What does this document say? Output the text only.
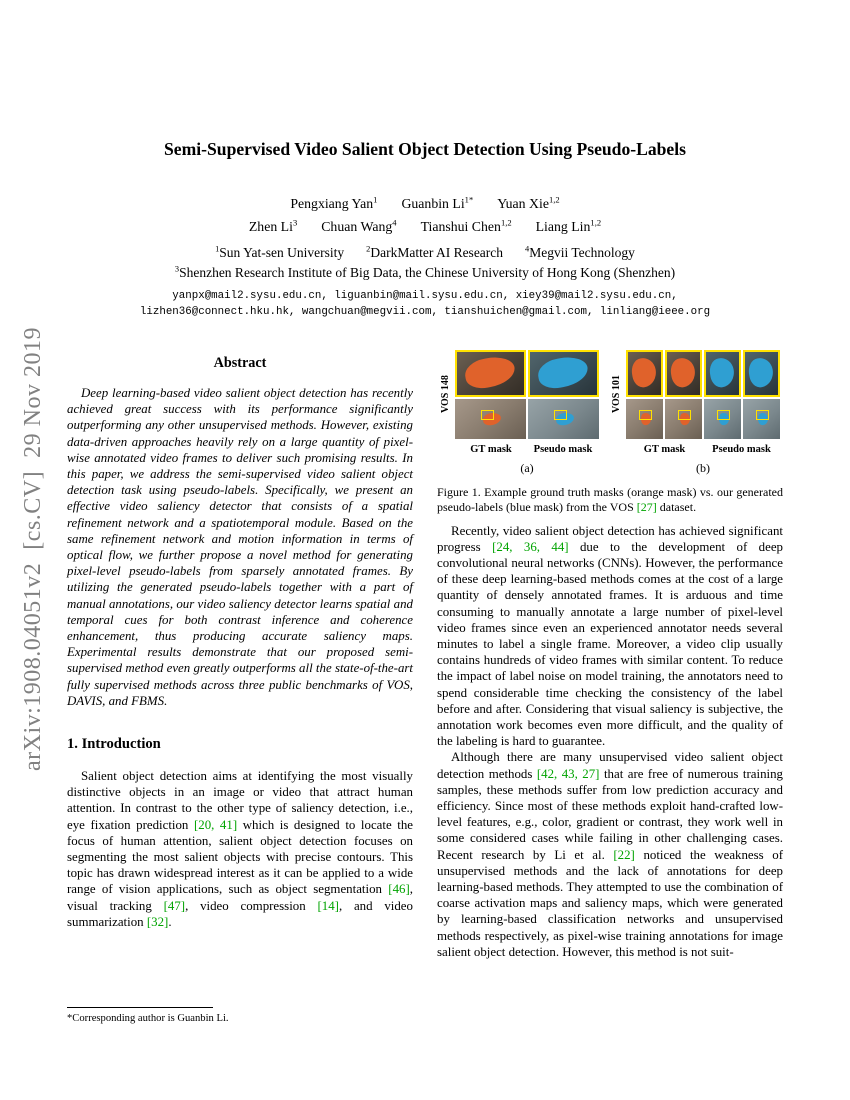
arXiv:1908.04051v2  [cs.CV]  29 Nov 2019
Semi-Supervised Video Salient Object Detection Using Pseudo-Labels
Pengxiang Yan$^1$ Guanbin $Li^{1*}$ Yuan Xie$^{1,2}$
Zhen Li$^3$ Chuan Wang$^4$ Tianshui Chen$^{1,2}$ Liang Lin$^{1,2}$
$^1$Sun Yat-sen University	$^2$DarkMatter AI Research	$^4$Megvii Technology
$^3$Shenzhen Research Institute of Big Data, the Chinese University of Hong Kong (Shenzhen)
yanpx@mail2.sysu.edu.cn, liguanbin@mail.sysu.edu.cn, xiey39@mail2.sysu.edu.cn,
lizhen36@connect.hku.hk, wangchuan@megvii.com, tianshuichen@gmail.com, linliang@ieee.org
Abstract

Deep learning-based video salient object detection has recently achieved great success with its performance significantly outperforming any other unsupervised methods. However, existing data-driven approaches heavily rely on a large quantity of pixel-wise annotated video frames to deliver such promising results. In this paper, we address the semi-supervised video salient object detection task using pseudo-labels. Specifically, we present an effective video saliency detector that consists of a spatial refinement network and a spatiotemporal module. Based on the same refinement network and motion information in terms of optical flow, we further propose a novel method for generating pixel-level pseudo-labels from sparsely annotated frames. By utilizing the generated pseudo-labels together with a part of manual annotations, our video saliency detector learns spatial and temporal cues for both contrast inference and coherence enhancement, thus producing accurate saliency maps. Experimental results demonstrate that our proposed semi-supervised method even greatly outperforms all the state-of-the-art fully supervised methods across three public benchmarks of VOS, DAVIS, and FBMS.

1. Introduction

Salient object detection aims at identifying the most visually distinctive objects in an image or video that attract human attention. In contrast to the other type of saliency detection, i.e., eye fixation prediction [20, 41] which is designed to locate the focus of human attention, salient object detection focuses on segmenting the most salient objects with precise contours. This topic has drawn widespread interest as it can be applied to a wide range of vision applications, such as object segmentation [46], visual tracking [47], video compression [14], and video summarization [32].

*Corresponding author is Guanbin Li.
VOS 148
GT mask	Pseudo mask
(a)
VOS 101
GT mask	Pseudo mask
(b)
Figure 1. Example ground truth masks (orange mask) vs. our generated pseudo-labels (blue mask) from the VOS [27] dataset.

Recently, video salient object detection has achieved significant progress [24, 36, 44] due to the development of deep convolutional neural networks (CNNs). However, the performance of these deep learning-based methods comes at the cost of a large quantity of densely annotated frames. It is arduous and time consuming to manually annotate a large number of pixel-level video frames since even an experienced annotator needs several minutes to label a single frame. Moreover, a video clip usually contains hundreds of video frames with similar content. To reduce the impact of label noise on model training, the annotators need to spend considerable time checking the consistency of the label before and after. Considering that visual saliency is subjective, the annotation work becomes even more difficult, and the quality of the labeling is hard to guarantee.

Although there are many unsupervised video salient object detection methods [42, 43, 27] that are free of numerous training samples, these methods suffer from low prediction accuracy and efficiency. Since most of these methods exploit hand-crafted low-level features, e.g., color, gradient or contrast, they work well in some considered cases while failing in other challenging cases. Recent research by Li et al. [22] noticed the weakness of unsupervised methods and the lack of annotations for deep learning-based methods. They attempted to use the combination of coarse activation maps and saliency maps, which were generated by learning-based classification networks and unsupervised methods respectively, as pixel-wise training annotations for image salient object detection. However, this method is not suit-
